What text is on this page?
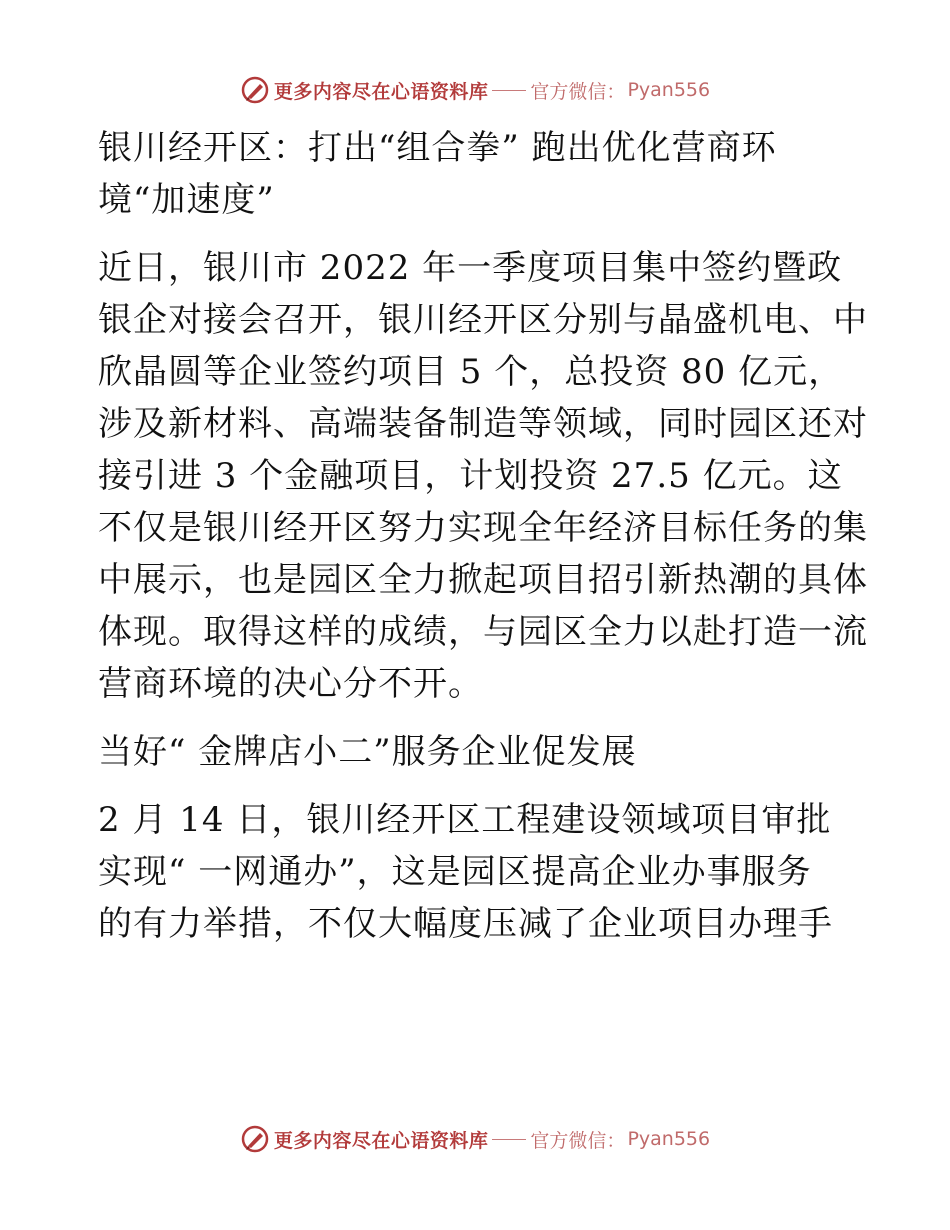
更多内容尽在心语资料库 官方微信： Pyan556
银川经开区：打出“组合拳” 跑出优化营商环
境“加速度”
近日，银川市 2022 年一季度项目集中签约暨政
银企对接会召开，银川经开区分别与晶盛机电、中
欣晶圆等企业签约项目 5 个，总投资 80 亿元，
涉及新材料、高端装备制造等领域，同时园区还对
接引进 3 个金融项目，计划投资 27.5 亿元。这
不仅是银川经开区努力实现全年经济目标任务的集
中展示，也是园区全力掀起项目招引新热潮的具体
体现。取得这样的成绩，与园区全力以赴打造一流
营商环境的决心分不开。
当好“ 金牌店小二”服务企业促发展
2 月 14 日，银川经开区工程建设领域项目审批
实现“ 一网通办”，这是园区提高企业办事服务
的有力举措，不仅大幅度压减了企业项目办理手
更多内容尽在心语资料库 官方微信： Pyan556
